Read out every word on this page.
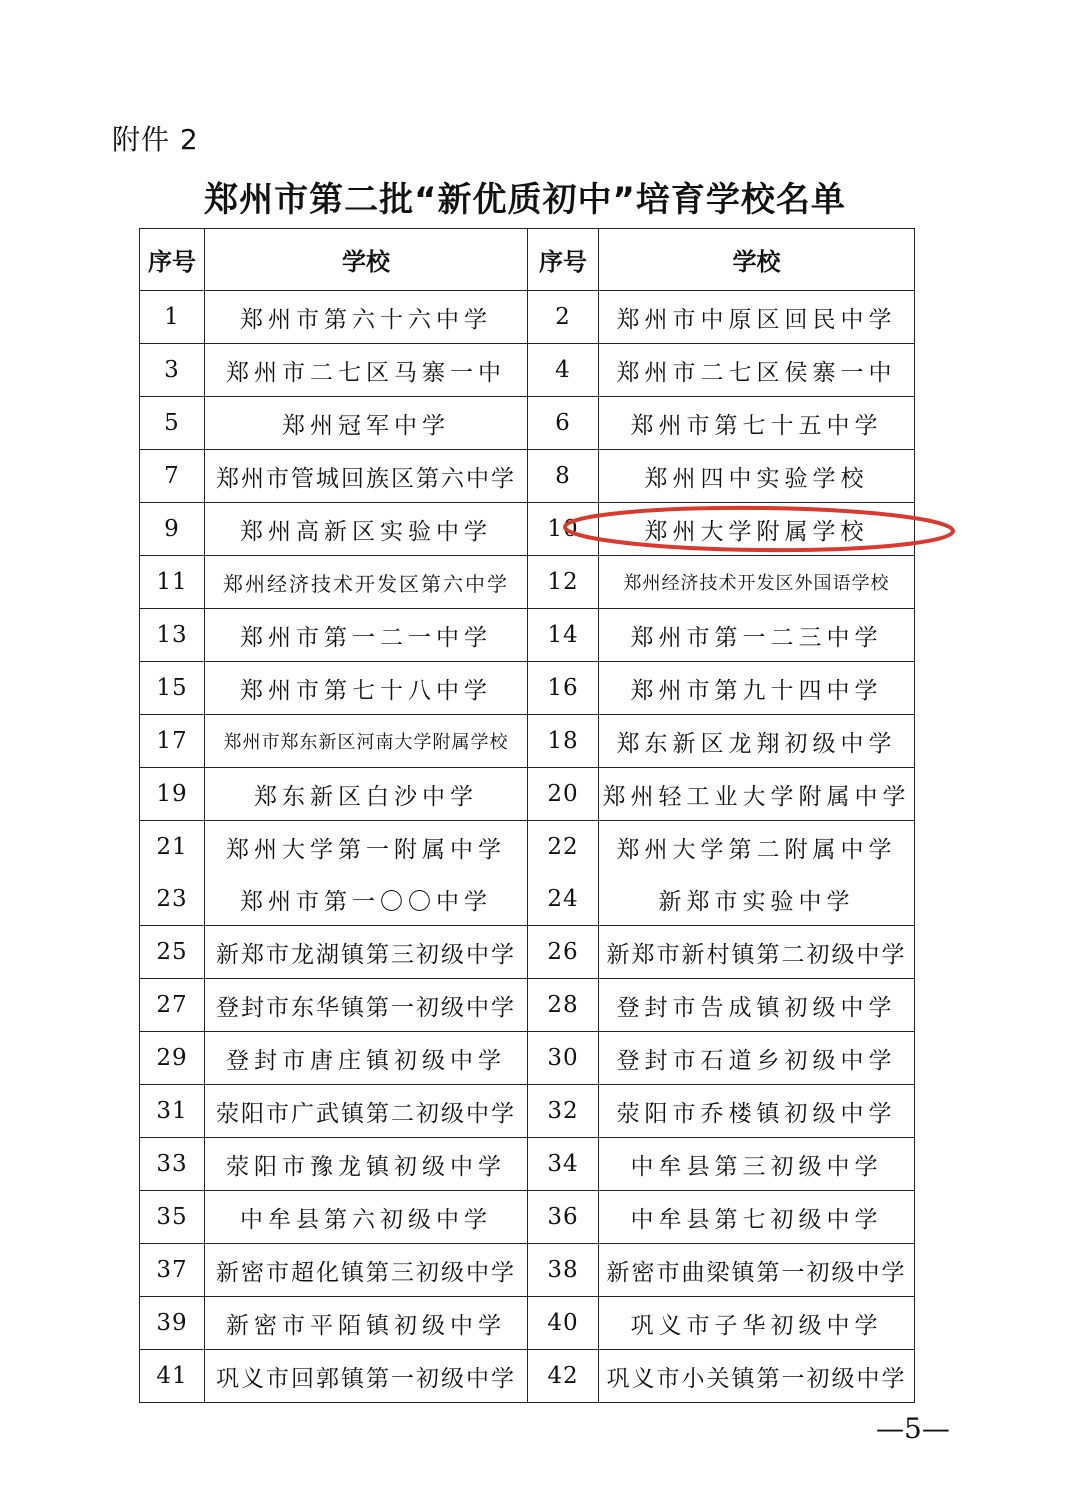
附件 2
郑州市第二批“新优质初中”培育学校名单
序号	学校	序号	学校
1	郑州市第六十六中学	2	郑州市中原区回民中学
3	郑州市二七区马寨一中	4	郑州市二七区侯寨一中
5	郑州冠军中学	6	郑州市第七十五中学
7	郑州市管城回族区第六中学	8	郑州四中实验学校
9	郑州高新区实验中学	10	郑州大学附属学校
11	郑州经济技术开发区第六中学	12	郑州经济技术开发区外国语学校
13	郑州市第一二一中学	14	郑州市第一二三中学
15	郑州市第七十八中学	16	郑州市第九十四中学
17	郑州市郑东新区河南大学附属学校	18	郑东新区龙翔初级中学
19	郑东新区白沙中学	20	郑州轻工业大学附属中学
21	郑州大学第一附属中学	22	郑州大学第二附属中学
23	郑州市第一〇〇中学	24	新郑市实验中学
25	新郑市龙湖镇第三初级中学	26	新郑市新村镇第二初级中学
27	登封市东华镇第一初级中学	28	登封市告成镇初级中学
29	登封市唐庄镇初级中学	30	登封市石道乡初级中学
31	荥阳市广武镇第二初级中学	32	荥阳市乔楼镇初级中学
33	荥阳市豫龙镇初级中学	34	中牟县第三初级中学
35	中牟县第六初级中学	36	中牟县第七初级中学
37	新密市超化镇第三初级中学	38	新密市曲梁镇第一初级中学
39	新密市平陌镇初级中学	40	巩义市子华初级中学
41	巩义市回郭镇第一初级中学	42	巩义市小关镇第一初级中学
—5—
